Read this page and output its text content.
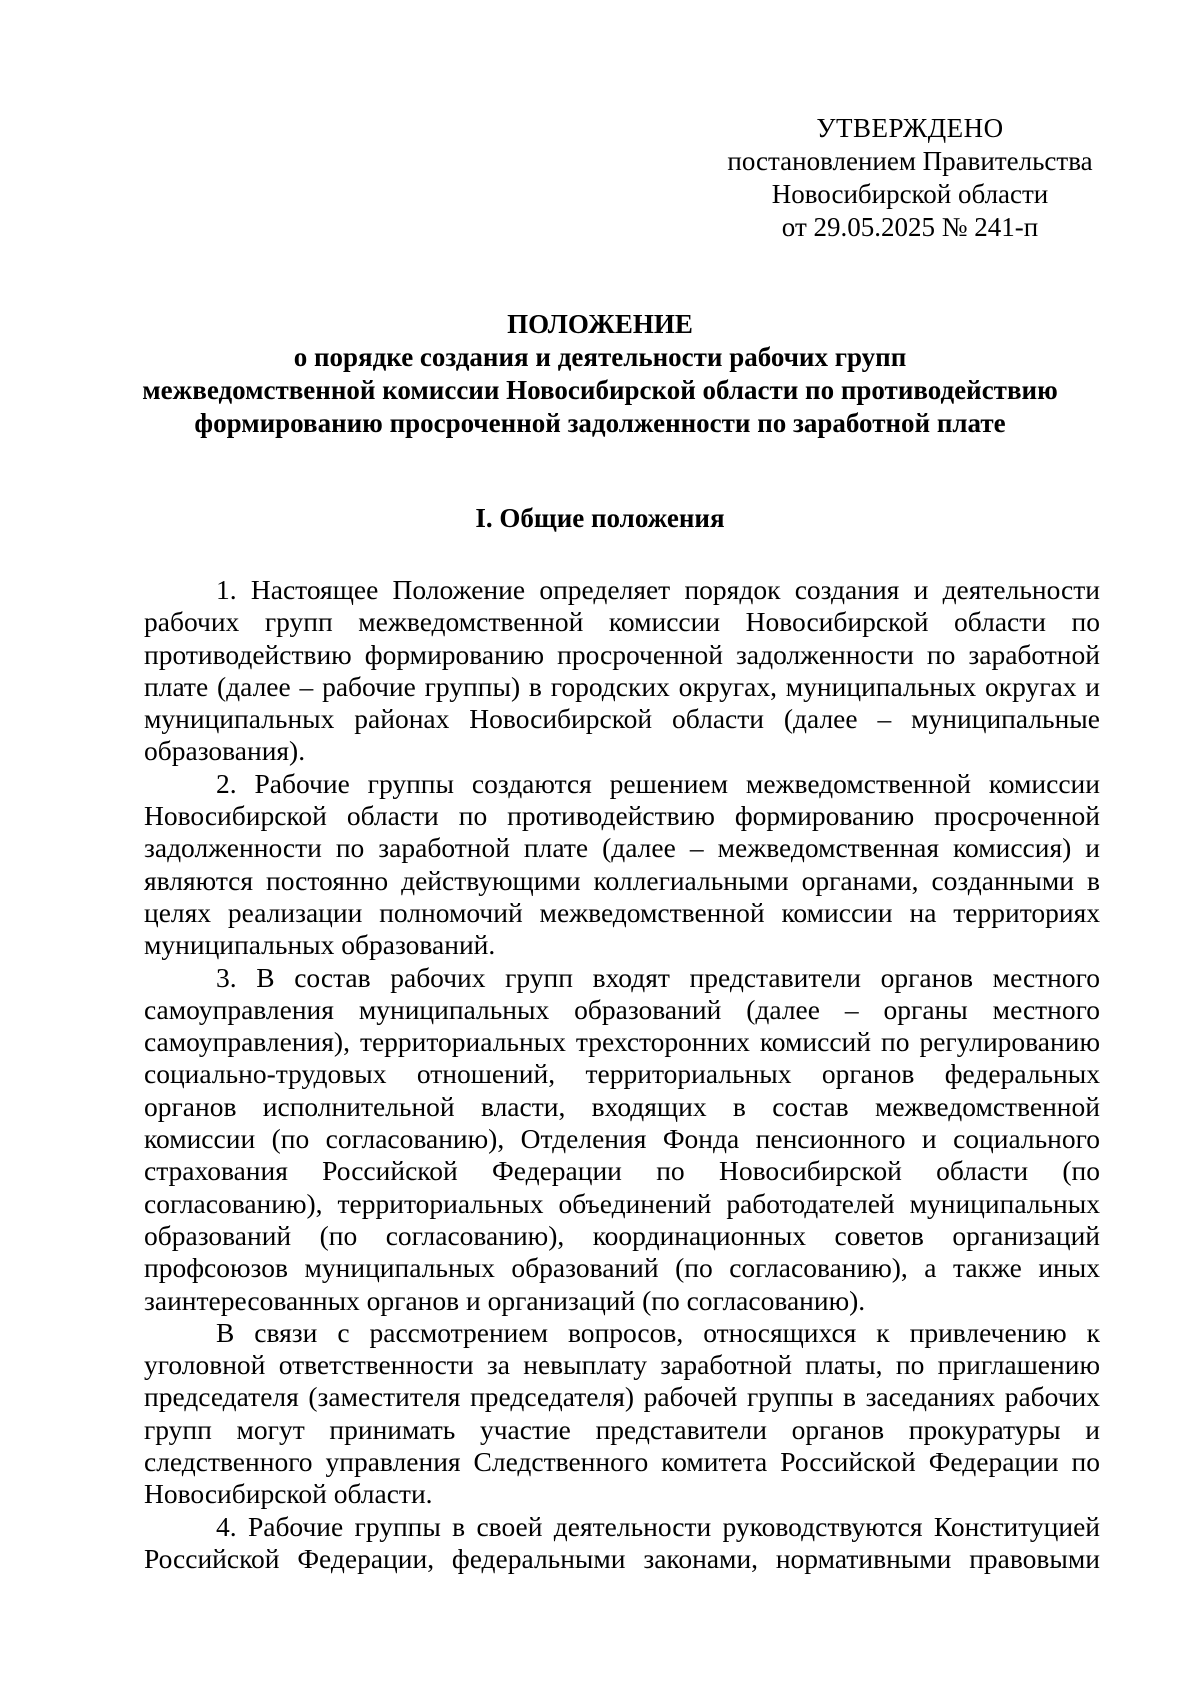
УТВЕРЖДЕНО
постановлением Правительства
Новосибирской области
от 29.05.2025 № 241-п
ПОЛОЖЕНИЕ
о порядке создания и деятельности рабочих групп
межведомственной комиссии Новосибирской области по противодействию
формированию просроченной задолженности по заработной плате
I. Общие положения

1. Настоящее Положение определяет порядок создания и деятельности рабочих групп межведомственной комиссии Новосибирской области по противодействию формированию просроченной задолженности по заработной плате (далее – рабочие группы) в городских округах, муниципальных округах и муниципальных районах Новосибирской области (далее – муниципальные образования).

2. Рабочие группы создаются решением межведомственной комиссии Новосибирской области по противодействию формированию просроченной задолженности по заработной плате (далее – межведомственная комиссия) и являются постоянно действующими коллегиальными органами, созданными в целях реализации полномочий межведомственной комиссии на территориях муниципальных образований.

3. В состав рабочих групп входят представители органов местного самоуправления муниципальных образований (далее – органы местного самоуправления), территориальных трехсторонних комиссий по регулированию социально-трудовых отношений, территориальных органов федеральных органов исполнительной власти, входящих в состав межведомственной комиссии (по согласованию), Отделения Фонда пенсионного и социального страхования Российской Федерации по Новосибирской области (по согласованию), территориальных объединений работодателей муниципальных образований (по согласованию), координационных советов организаций профсоюзов муниципальных образований (по согласованию), а также иных заинтересованных органов и организаций (по согласованию).

В связи с рассмотрением вопросов, относящихся к привлечению к уголовной ответственности за невыплату заработной платы, по приглашению председателя (заместителя председателя) рабочей группы в заседаниях рабочих групп могут принимать участие представители органов прокуратуры и следственного управления Следственного комитета Российской Федерации по Новосибирской области.

4. Рабочие группы в своей деятельности руководствуются Конституцией Российской Федерации, федеральными законами, нормативными правовыми
